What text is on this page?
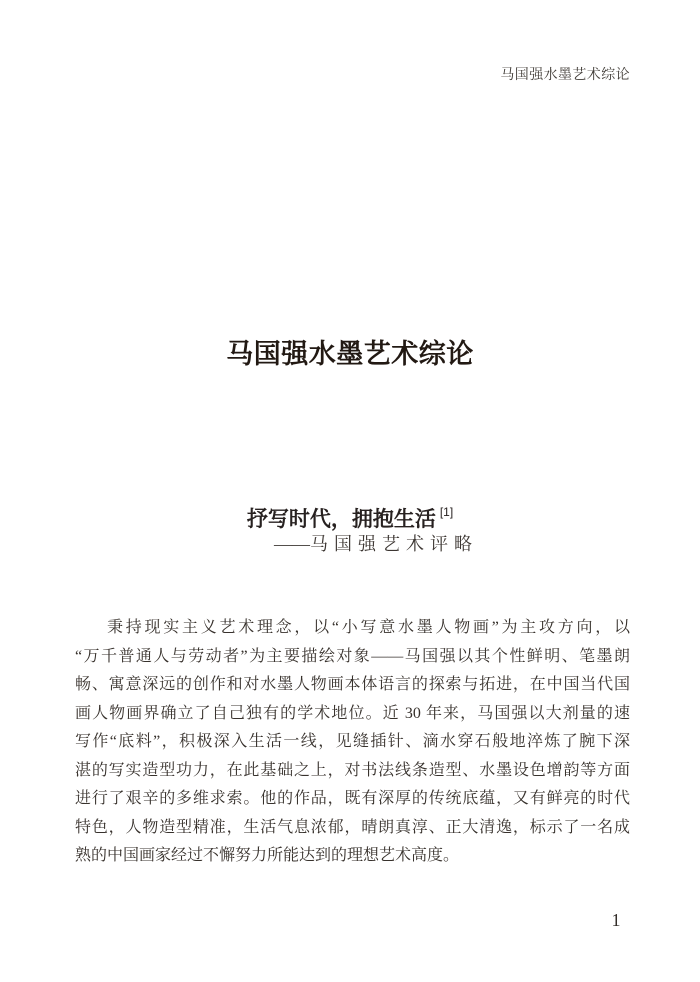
马国强水墨艺术综论
马国强水墨艺术综论
抒写时代，拥抱生活 [1]
——马国强艺术评略
秉持现实主义艺术理念，以“小写意水墨人物画”为主攻方向，以
“万千普通人与劳动者”为主要描绘对象——马国强以其个性鲜明、笔墨朗
畅、寓意深远的创作和对水墨人物画本体语言的探索与拓进，在中国当代国
画人物画界确立了自己独有的学术地位。近 30 年来，马国强以大剂量的速
写作“底料”，积极深入生活一线，见缝插针、滴水穿石般地淬炼了腕下深
湛的写实造型功力，在此基础之上，对书法线条造型、水墨设色增韵等方面
进行了艰辛的多维求索。他的作品，既有深厚的传统底蕴，又有鲜亮的时代
特色，人物造型精准，生活气息浓郁，晴朗真淳、正大清逸，标示了一名成
熟的中国画家经过不懈努力所能达到的理想艺术高度。
1
